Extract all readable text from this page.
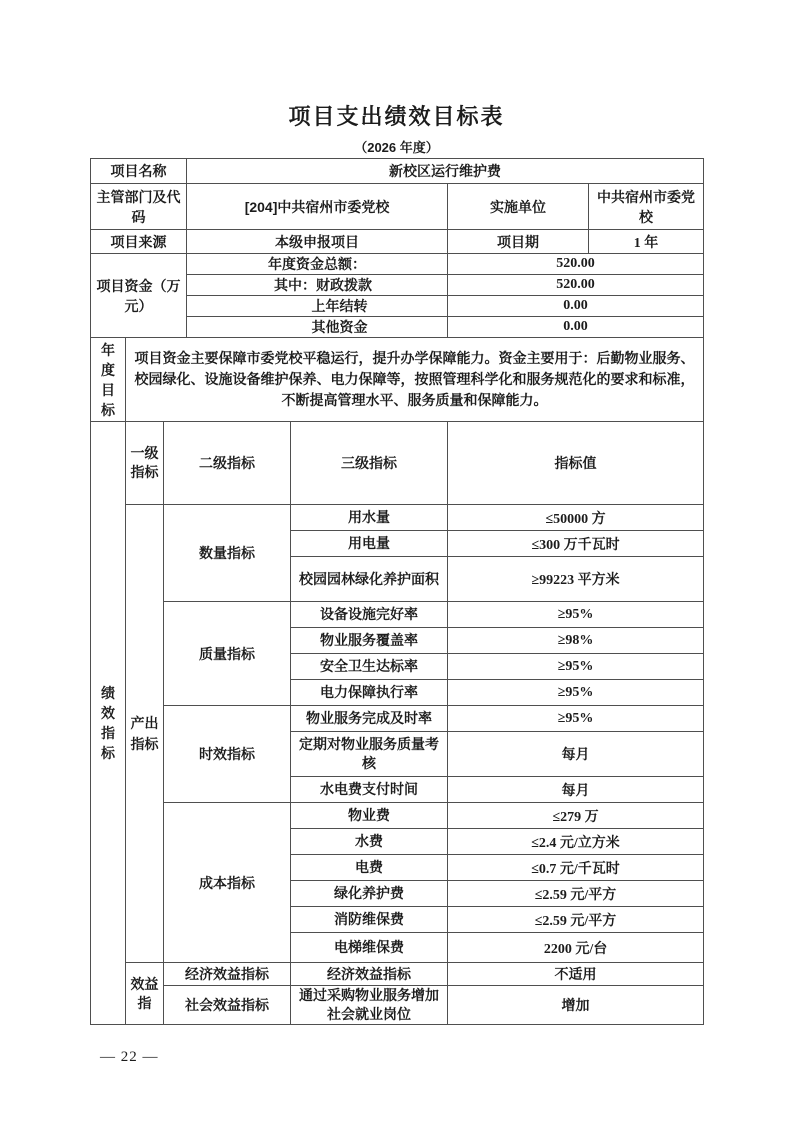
项目支出绩效目标表
（2026 年度）
项目名称			新校区运行维护费			
主管部门及代码			[204]中共宿州市委党校		实施单位	中共宿州市委党校
项目来源			本级申报项目		项目期	1 年
项目资金（万元）			年度资金总额：		520.00	
			其中：财政拨款		520.00	
			上年结转		0.00	
			其他资金		0.00	
年度目标	项目资金主要保障市委党校平稳运行，提升办学保障能力。资金主要用于：后勤物业服务、校园绿化、设施设备维护保养、电力保障等，按照管理科学化和服务规范化的要求和标准，不断提高管理水平、服务质量和保障能力。					
绩效指标	一级指标	二级指标		三级指标	指标值	
	产出指标	数量指标		用水量	≤50000 方	
				用电量	≤300 万千瓦时	
				校园园林绿化养护面积	≥99223 平方米	
		质量指标		设备设施完好率	≥95%	
				物业服务覆盖率	≥98%	
				安全卫生达标率	≥95%	
				电力保障执行率	≥95%	
		时效指标		物业服务完成及时率	≥95%	
				定期对物业服务质量考核	每月	
				水电费支付时间	每月	
		成本指标		物业费	≤279 万	
				水费	≤2.4 元/立方米	
				电费	≤0.7 元/千瓦时	
				绿化养护费	≤2.59 元/平方	
				消防维保费	≤2.59 元/平方	
				电梯维保费	2200 元/台	
	效益指	经济效益指标		经济效益指标	不适用	
		社会效益指标		通过采购物业服务增加社会就业岗位	增加	
— 22 —
